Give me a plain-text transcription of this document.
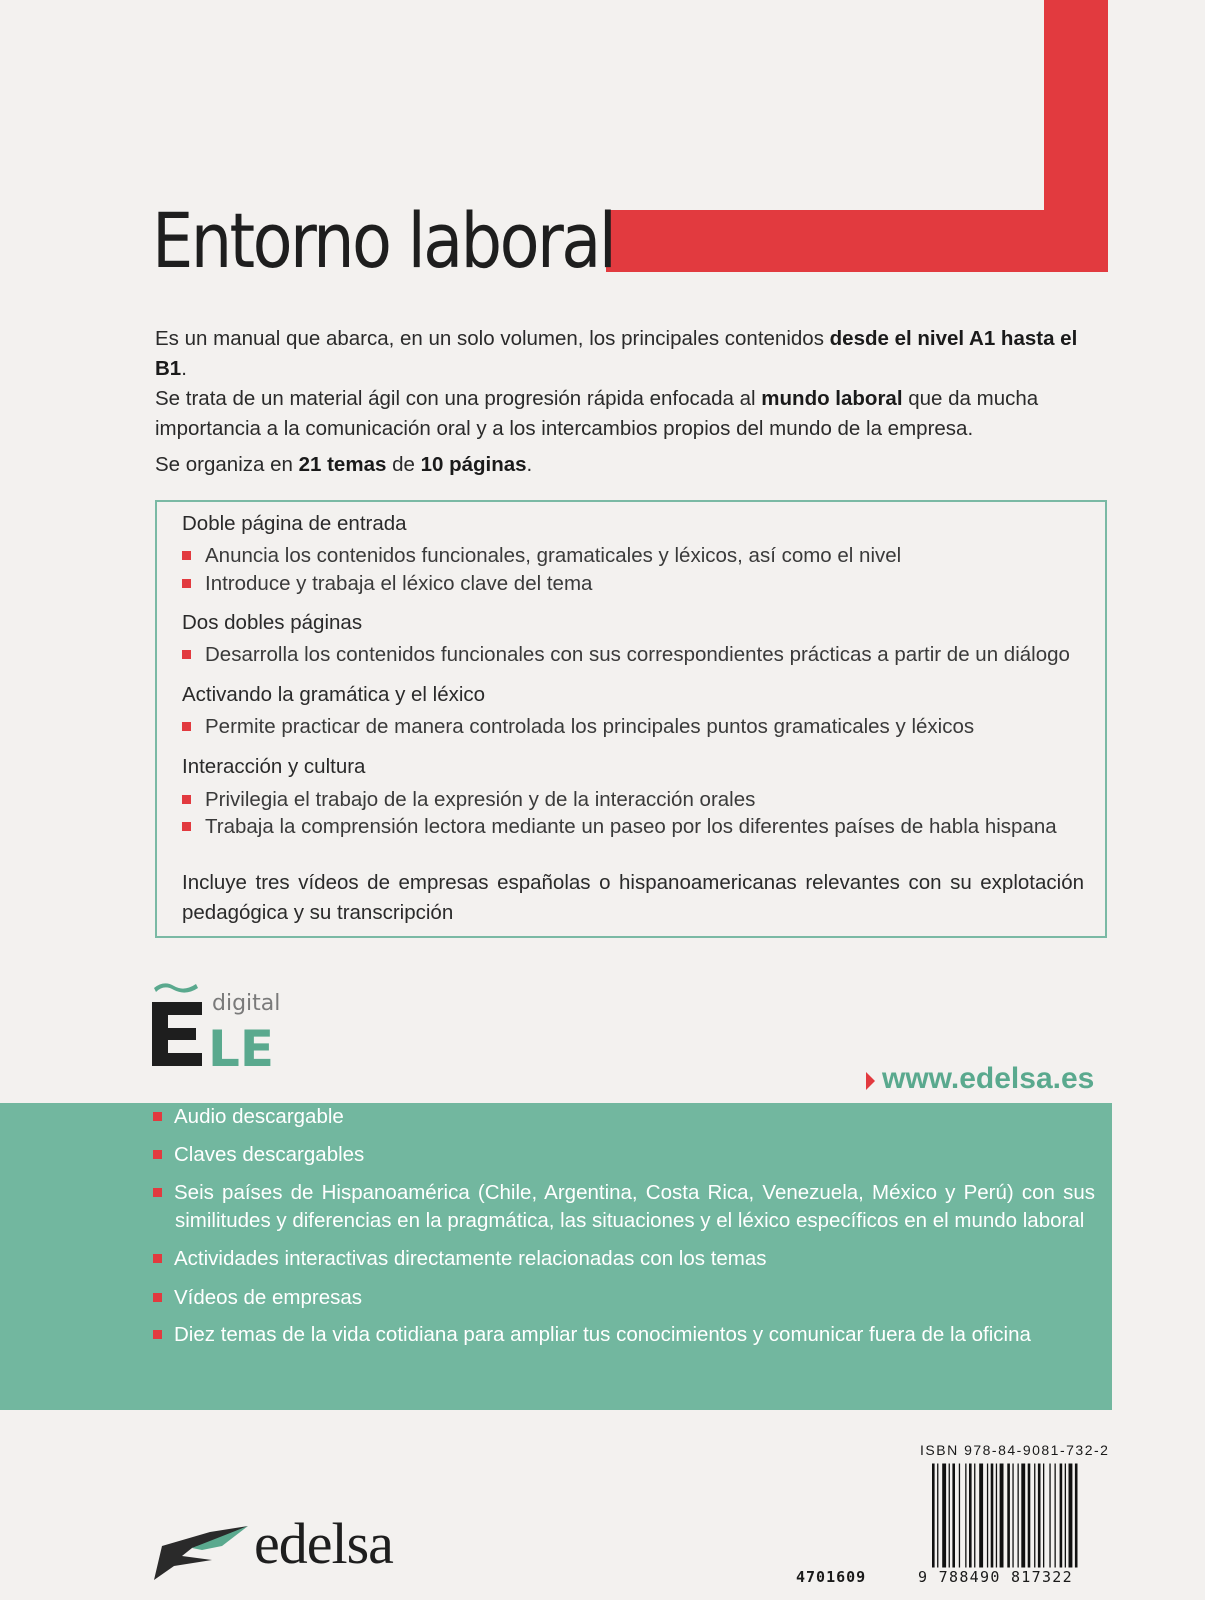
Entorno laboral
Es un manual que abarca, en un solo volumen, los principales contenidos desde el nivel A1 hasta el B1.
Se trata de un material ágil con una progresión rápida enfocada al mundo laboral que da mucha importancia a la comunicación oral y a los intercambios propios del mundo de la empresa.
Se organiza en 21 temas de 10 páginas.
Doble página de entrada
Anuncia los contenidos funcionales, gramaticales y léxicos, así como el nivel
Introduce y trabaja el léxico clave del tema
Dos dobles páginas
Desarrolla los contenidos funcionales con sus correspondientes prácticas a partir de un diálogo
Activando la gramática y el léxico
Permite practicar de manera controlada los principales puntos gramaticales y léxicos
Interacción y cultura
Privilegia el trabajo de la expresión y de la interacción orales
Trabaja la comprensión lectora mediante un paseo por los diferentes países de habla hispana
Incluye tres vídeos de empresas españolas o hispanoamericanas relevantes con su explotación pedagógica y su transcripción
digital
LE
www.edelsa.es
Audio descargable
Claves descargables
Seis países de Hispanoamérica (Chile, Argentina, Costa Rica, Venezuela, México y Perú) con sus similitudes y diferencias en la pragmática, las situaciones y el léxico específicos en el mundo laboral
Actividades interactivas directamente relacionadas con los temas
Vídeos de empresas
Diez temas de la vida cotidiana para ampliar tus conocimientos y comunicar fuera de la oficina
ISBN 978-84-9081-732-2
9 788490 817322
4701609
edelsa
